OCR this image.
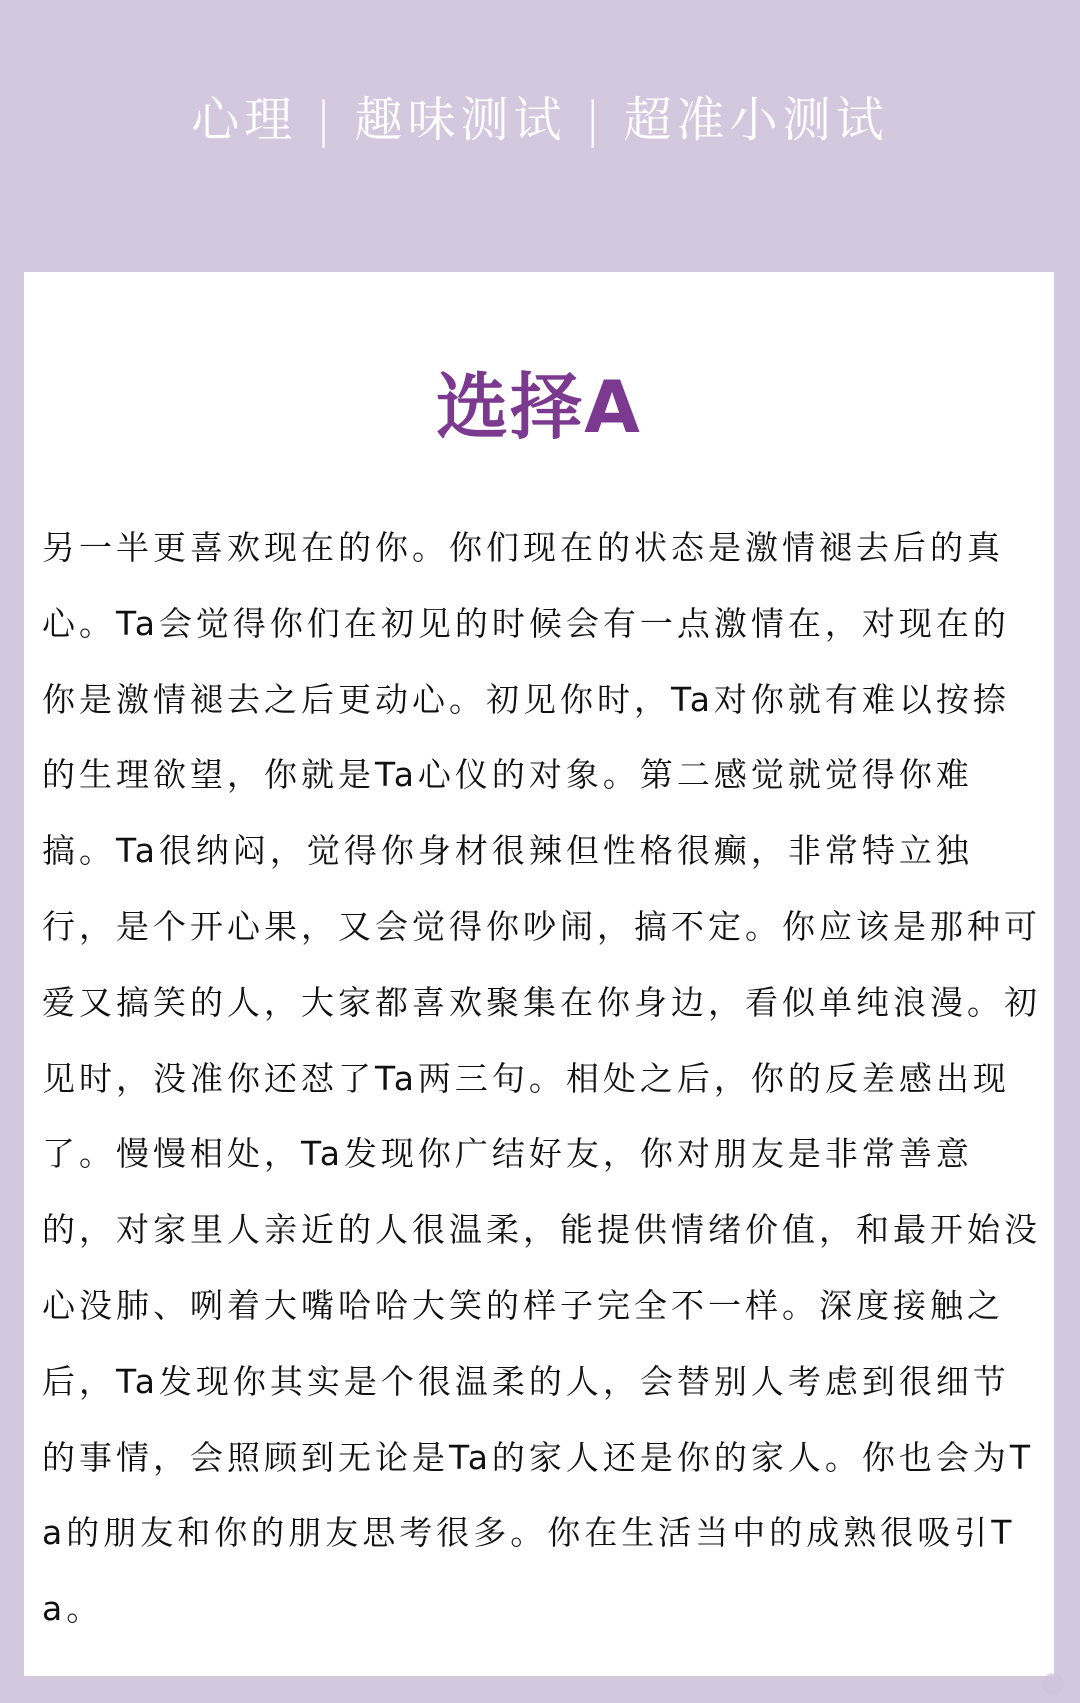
心理 | 趣味测试 | 超准小测试
选择A

另一半更喜欢现在的你。你们现在的状态是激情褪去后的真心。Ta会觉得你们在初见的时候会有一点激情在，对现在的你是激情褪去之后更动心。初见你时，Ta对你就有难以按捺的生理欲望，你就是Ta心仪的对象。第二感觉就觉得你难搞。Ta很纳闷，觉得你身材很辣但性格很癫，非常特立独行，是个开心果，又会觉得你吵闹，搞不定。你应该是那种可爱又搞笑的人，大家都喜欢聚集在你身边，看似单纯浪漫。初见时，没准你还怼了Ta两三句。相处之后，你的反差感出现了。慢慢相处，Ta发现你广结好友，你对朋友是非常善意的，对家里人亲近的人很温柔，能提供情绪价值，和最开始没心没肺、咧着大嘴哈哈大笑的样子完全不一样。深度接触之后，Ta发现你其实是个很温柔的人，会替别人考虑到很细节的事情，会照顾到无论是Ta的家人还是你的家人。你也会为Ta的朋友和你的朋友思考很多。你在生活当中的成熟很吸引Ta。
